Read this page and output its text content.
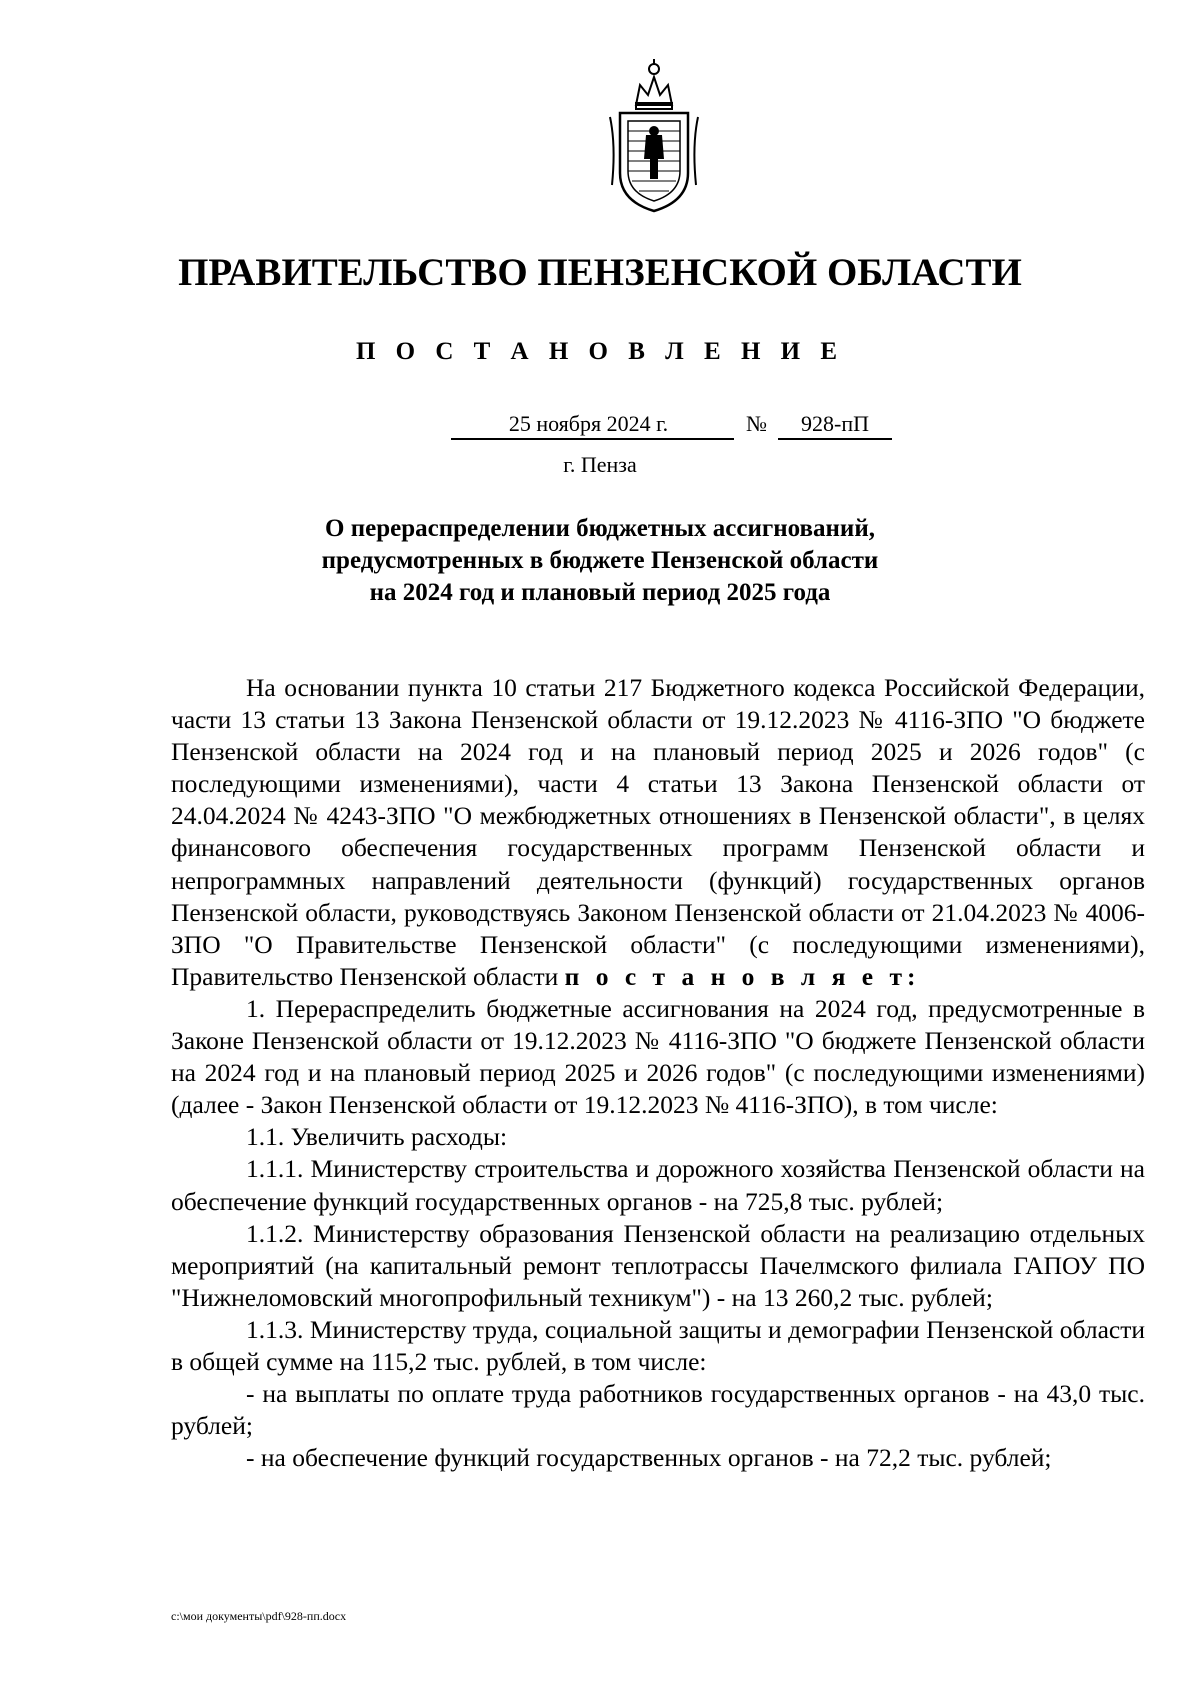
ПРАВИТЕЛЬСТВО ПЕНЗЕНСКОЙ ОБЛАСТИ
П О С Т А Н О В Л Е Н И Е
25 ноября 2024 г.	№	928-пП
г. Пенза
О перераспределении бюджетных ассигнований,
предусмотренных в бюджете Пензенской области
на 2024 год и плановый период 2025 года

На основании пункта 10 статьи 217 Бюджетного кодекса Российской Федерации, части 13 статьи 13 Закона Пензенской области от 19.12.2023 № 4116-ЗПО "О бюджете Пензенской области на 2024 год и на плановый период 2025 и 2026 годов" (с последующими изменениями), части 4 статьи 13 Закона Пензенской области от 24.04.2024 № 4243-ЗПО "О межбюджетных отношениях в Пензенской области", в целях финансового обеспечения государственных программ Пензенской области и непрограммных направлений деятельности (функций) государственных органов Пензенской области, руководствуясь Законом Пензенской области от 21.04.2023 № 4006-ЗПО "О Правительстве Пензенской области" (с последующими изменениями), Правительство Пензенской области п о с т а н о в л я е т:

1. Перераспределить бюджетные ассигнования на 2024 год, предусмотренные в Законе Пензенской области от 19.12.2023 № 4116-ЗПО "О бюджете Пензенской области на 2024 год и на плановый период 2025 и 2026 годов" (с последующими изменениями) (далее - Закон Пензенской области от 19.12.2023 № 4116-ЗПО), в том числе:

1.1. Увеличить расходы:

1.1.1. Министерству строительства и дорожного хозяйства Пензенской области на обеспечение функций государственных органов - на 725,8 тыс. рублей;

1.1.2. Министерству образования Пензенской области на реализацию отдельных мероприятий (на капитальный ремонт теплотрассы Пачелмского филиала ГАПОУ ПО "Нижнеломовский многопрофильный техникум") - на 13 260,2 тыс. рублей;

1.1.3. Министерству труда, социальной защиты и демографии Пензенской области в общей сумме на 115,2 тыс. рублей, в том числе:

- на выплаты по оплате труда работников государственных органов - на 43,0 тыс. рублей;

- на обеспечение функций государственных органов - на 72,2 тыс. рублей;

c:\мои документы\pdf\928-пп.docx
